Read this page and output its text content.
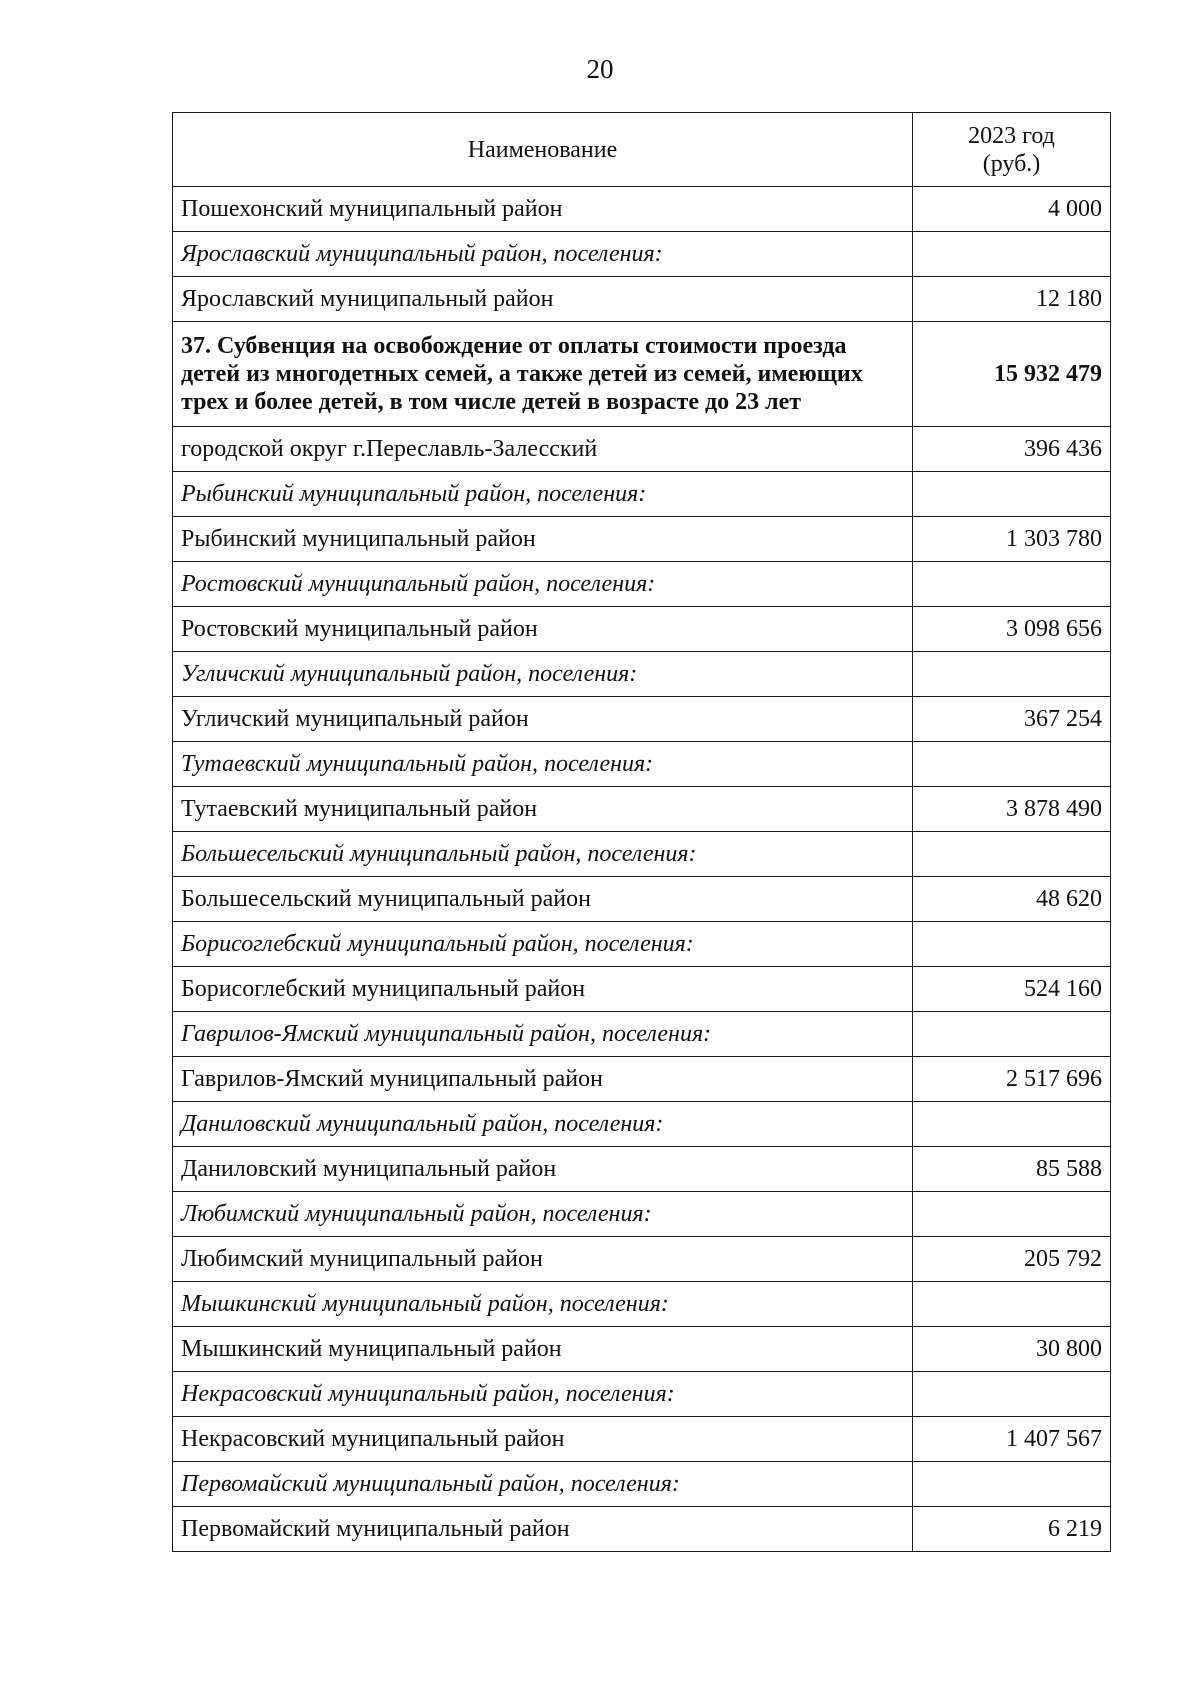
20
Наименование	2023 год
(руб.)

Пошехонский муниципальный район	4 000
Ярославский муниципальный район, поселения:	
Ярославский муниципальный район	12 180
37. Субвенция на освобождение от оплаты стоимости проезда детей из многодетных семей, а также детей из семей, имеющих трех и более детей, в том числе детей в возрасте до 23 лет	15 932 479
городской округ г.Переславль-Залесский	396 436
Рыбинский муниципальный район, поселения:	
Рыбинский муниципальный район	1 303 780
Ростовский муниципальный район, поселения:	
Ростовский муниципальный район	3 098 656
Угличский муниципальный район, поселения:	
Угличский муниципальный район	367 254
Тутаевский муниципальный район, поселения:	
Тутаевский муниципальный район	3 878 490
Большесельский муниципальный район, поселения:	
Большесельский муниципальный район	48 620
Борисоглебский муниципальный район, поселения:	
Борисоглебский муниципальный район	524 160
Гаврилов-Ямский муниципальный район, поселения:	
Гаврилов-Ямский муниципальный район	2 517 696
Даниловский муниципальный район, поселения:	
Даниловский муниципальный район	85 588
Любимский муниципальный район, поселения:	
Любимский муниципальный район	205 792
Мышкинский муниципальный район, поселения:	
Мышкинский муниципальный район	30 800
Некрасовский муниципальный район, поселения:	
Некрасовский муниципальный район	1 407 567
Первомайский муниципальный район, поселения:	
Первомайский муниципальный район	6 219
